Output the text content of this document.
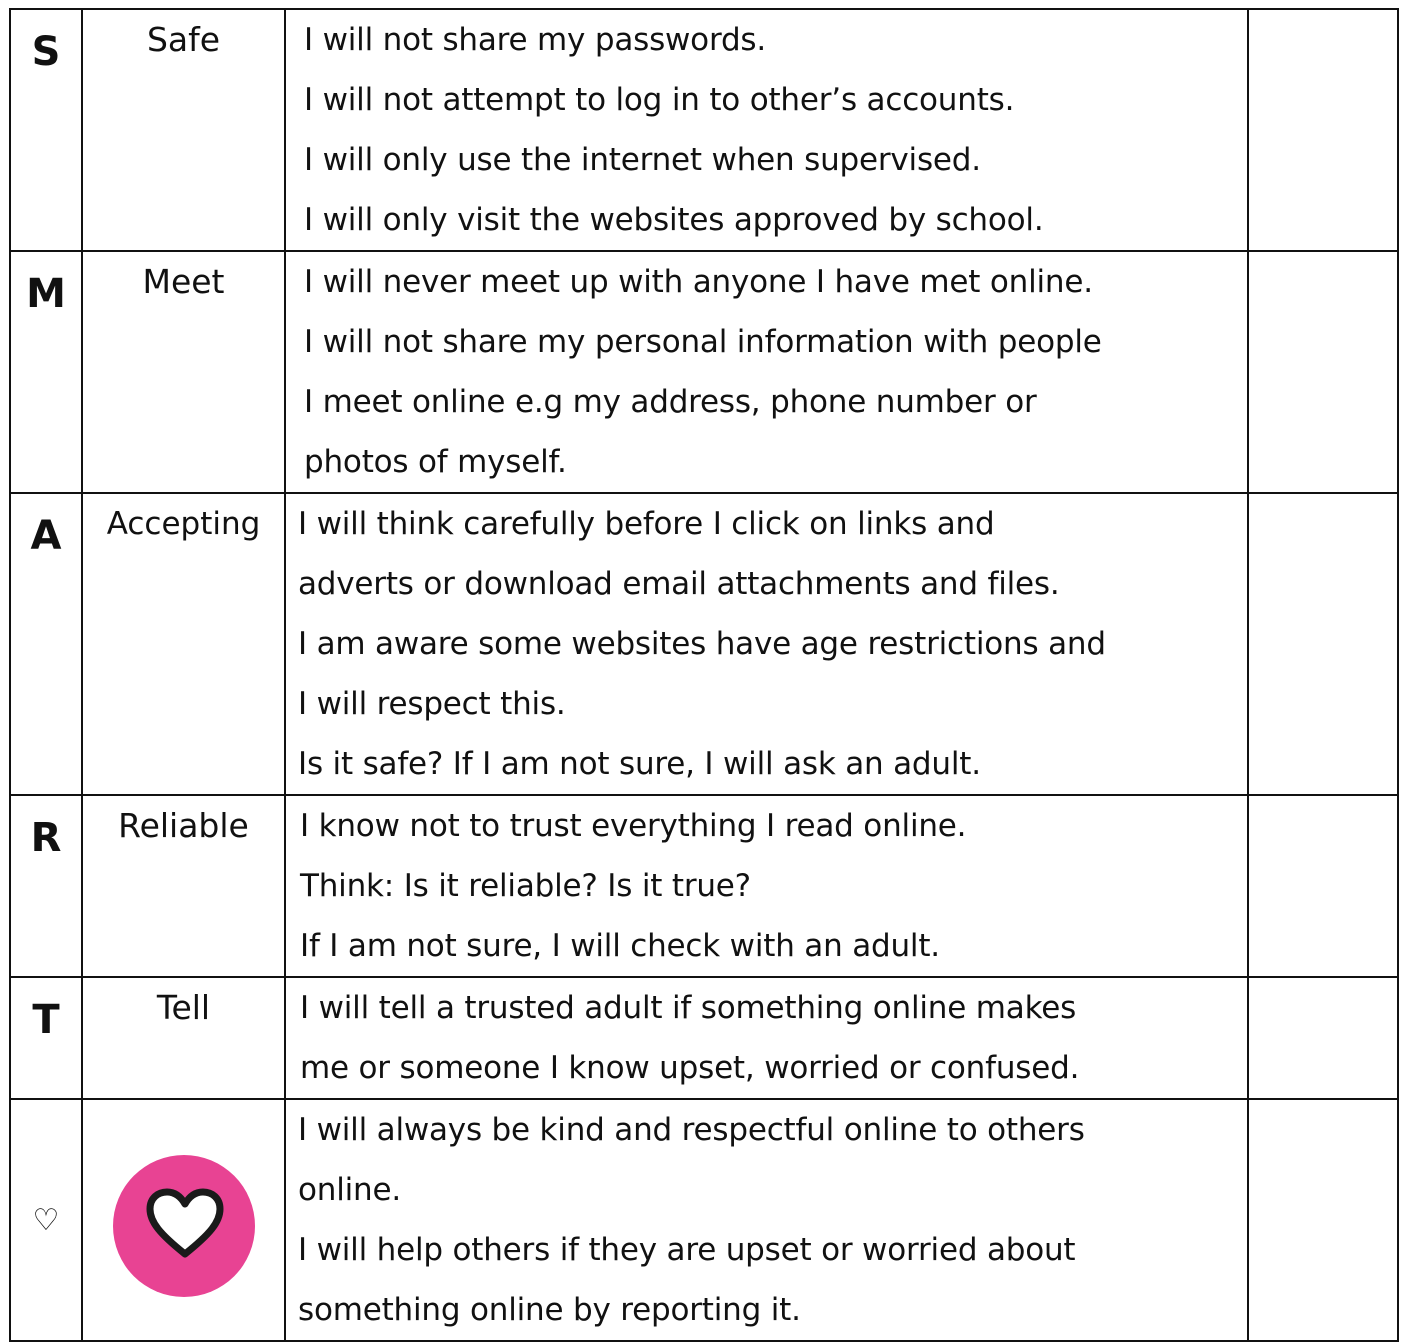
S	Safe	I will not share my passwords.
I will not attempt to log in to other’s accounts.
I will only use the internet when supervised.
I will only visit the websites approved by school.	

M	Meet	I will never meet up with anyone I have met online.
I will not share my personal information with people
I meet online e.g my address, phone number or
photos of myself.	

A	Accepting	I will think carefully before I click on links and
adverts or download email attachments and files.
I am aware some websites have age restrictions and
I will respect this.
Is it safe? If I am not sure, I will ask an adult.	

R	Reliable	I know not to trust everything I read online.
Think: Is it reliable? Is it true?
If I am not sure, I will check with an adult.	

T	Tell	I will tell a trusted adult if something online makes
me or someone I know upset, worried or confused.	

♡		I will always be kind and respectful online to others
online.
I will help others if they are upset or worried about
something online by reporting it.	
